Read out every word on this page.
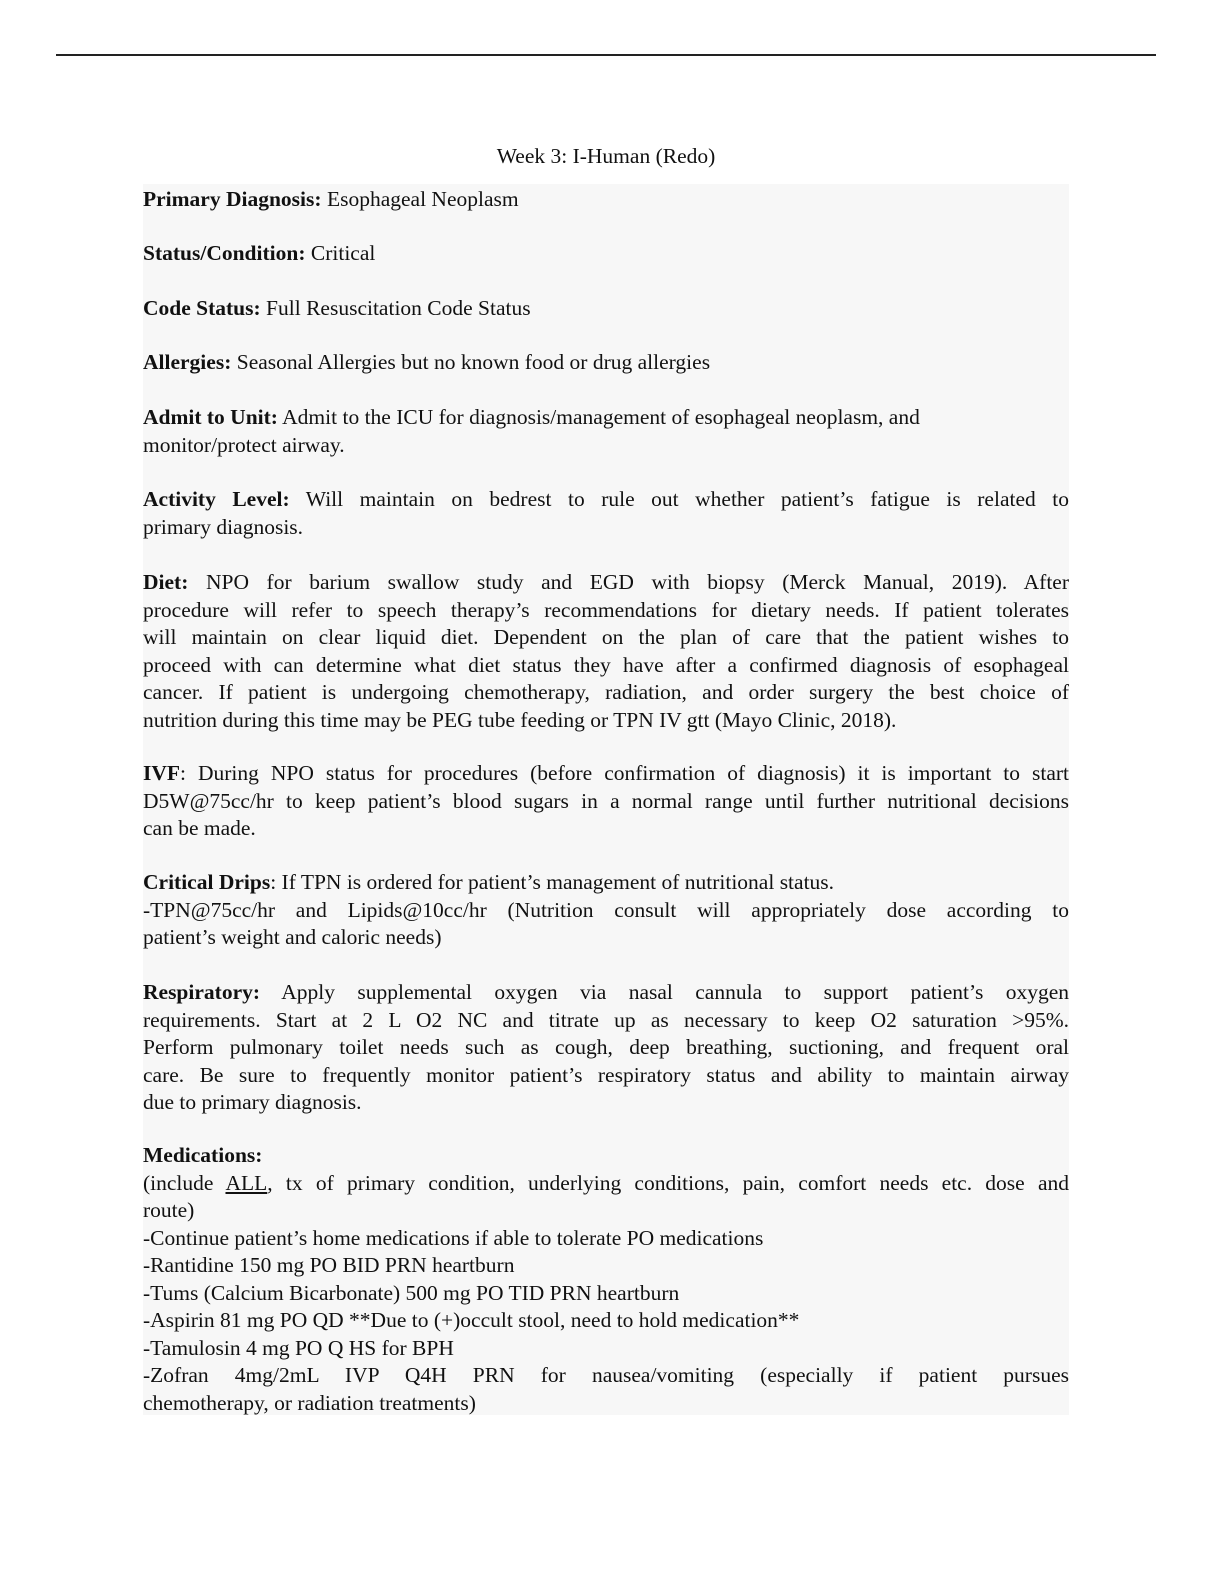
Week 3: I-Human (Redo)

Primary Diagnosis: Esophageal Neoplasm

Status/Condition: Critical

Code Status: Full Resuscitation Code Status

Allergies: Seasonal Allergies but no known food or drug allergies

Admit to Unit: Admit to the ICU for diagnosis/management of esophageal neoplasm, and
monitor/protect airway.

Activity Level: Will maintain on bedrest to rule out whether patient’s fatigue is related to
primary diagnosis.

Diet: NPO for barium swallow study and EGD with biopsy (Merck Manual, 2019). After
procedure will refer to speech therapy’s recommendations for dietary needs. If patient tolerates
will maintain on clear liquid diet. Dependent on the plan of care that the patient wishes to
proceed with can determine what diet status they have after a confirmed diagnosis of esophageal
cancer. If patient is undergoing chemotherapy, radiation, and order surgery the best choice of
nutrition during this time may be PEG tube feeding or TPN IV gtt (Mayo Clinic, 2018).

IVF: During NPO status for procedures (before confirmation of diagnosis) it is important to start
D5W@75cc/hr to keep patient’s blood sugars in a normal range until further nutritional decisions
can be made.

Critical Drips: If TPN is ordered for patient’s management of nutritional status.
-TPN@75cc/hr and Lipids@10cc/hr (Nutrition consult will appropriately dose according to
patient’s weight and caloric needs)

Respiratory: Apply supplemental oxygen via nasal cannula to support patient’s oxygen
requirements. Start at 2 L O2 NC and titrate up as necessary to keep O2 saturation >95%.
Perform pulmonary toilet needs such as cough, deep breathing, suctioning, and frequent oral
care. Be sure to frequently monitor patient’s respiratory status and ability to maintain airway
due to primary diagnosis.

Medications:
(include ALL, tx of primary condition, underlying conditions, pain, comfort needs etc. dose and
route)
-Continue patient’s home medications if able to tolerate PO medications
-Rantidine 150 mg PO BID PRN heartburn
-Tums (Calcium Bicarbonate) 500 mg PO TID PRN heartburn
-Aspirin 81 mg PO QD **Due to (+)occult stool, need to hold medication**
-Tamulosin 4 mg PO Q HS for BPH
-Zofran 4mg/2mL IVP Q4H PRN for nausea/vomiting (especially if patient pursues
chemotherapy, or radiation treatments)
